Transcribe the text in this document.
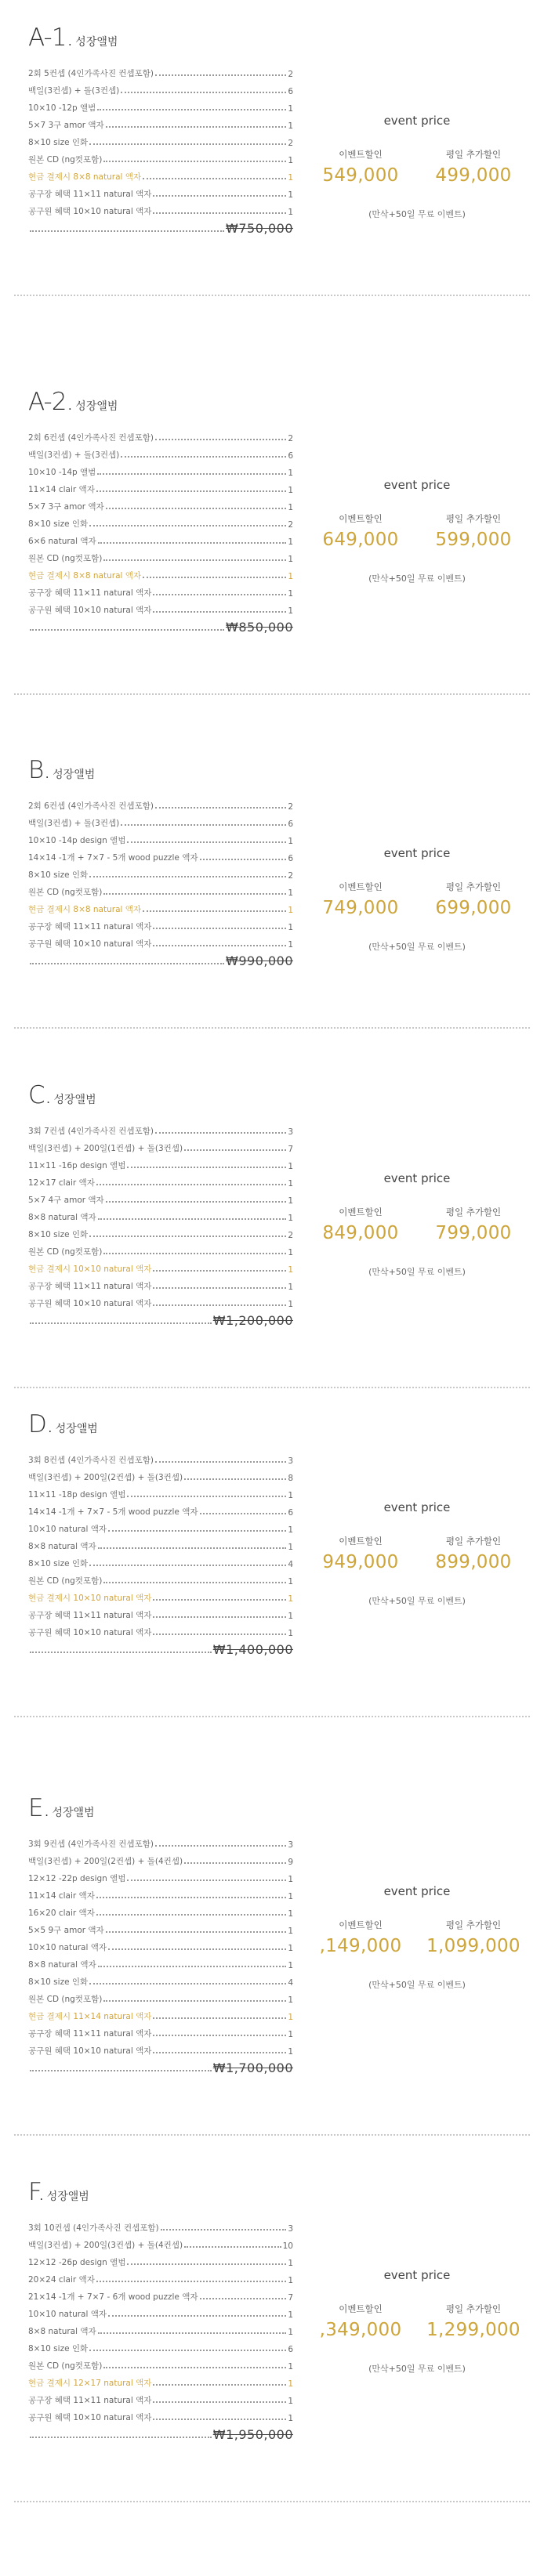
A-1. 성장앨범
2회 5컨셉 (4인가족사진 컨셉포함)	2
백일(3컨셉) + 돌(3컨셉)	6
10×10 -12p 앨범	1
5×7 3구 amor 액자	1
8×10 size 인화	2
원본 CD (ng컷포함)	1
현금 결제시 8×8 natural 액자	1
공구장 혜택 11×11 natural 액자	1
공구원 혜택 10×10 natural 액자	1
₩750,000
event price
이벤트할인
549,000
평일 추가할인
499,000
(만삭+50일 무료 이벤트)
A-2. 성장앨범
2회 6컨셉 (4인가족사진 컨셉포함)	2
백일(3컨셉) + 돌(3컨셉)	6
10×10 -14p 앨범	1
11×14 clair 액자	1
5×7 3구 amor 액자	1
8×10 size 인화	2
6×6 natural 액자	1
원본 CD (ng컷포함)	1
현금 결제시 8×8 natural 액자	1
공구장 혜택 11×11 natural 액자	1
공구원 혜택 10×10 natural 액자	1
₩850,000
event price
이벤트할인
649,000
평일 추가할인
599,000
(만삭+50일 무료 이벤트)
B. 성장앨범
2회 6컨셉 (4인가족사진 컨셉포함)	2
백일(3컨셉) + 돌(3컨셉)	6
10×10 -14p design 앨범	1
14×14 -1개 + 7×7 - 5개 wood puzzle 액자	6
8×10 size 인화	2
원본 CD (ng컷포함)	1
현금 결제시 8×8 natural 액자	1
공구장 혜택 11×11 natural 액자	1
공구원 혜택 10×10 natural 액자	1
₩990,000
event price
이벤트할인
749,000
평일 추가할인
699,000
(만삭+50일 무료 이벤트)
C. 성장앨범
3회 7컨셉 (4인가족사진 컨셉포함)	3
백일(3컨셉) + 200일(1컨셉) + 돌(3컨셉)	7
11×11 -16p design 앨범	1
12×17 clair 액자	1
5×7 4구 amor 액자	1
8×8 natural 액자	1
8×10 size 인화	2
원본 CD (ng컷포함)	1
현금 결제시 10×10 natural 액자	1
공구장 혜택 11×11 natural 액자	1
공구원 혜택 10×10 natural 액자	1
₩1,200,000
event price
이벤트할인
849,000
평일 추가할인
799,000
(만삭+50일 무료 이벤트)
D. 성장앨범
3회 8컨셉 (4인가족사진 컨셉포함)	3
백일(3컨셉) + 200일(2컨셉) + 돌(3컨셉)	8
11×11 -18p design 앨범	1
14×14 -1개 + 7×7 - 5개 wood puzzle 액자	6
10×10 natural 액자	1
8×8 natural 액자	1
8×10 size 인화	4
원본 CD (ng컷포함)	1
현금 결제시 10×10 natural 액자	1
공구장 혜택 11×11 natural 액자	1
공구원 혜택 10×10 natural 액자	1
₩1,400,000
event price
이벤트할인
949,000
평일 추가할인
899,000
(만삭+50일 무료 이벤트)
E. 성장앨범
3회 9컨셉 (4인가족사진 컨셉포함)	3
백일(3컨셉) + 200일(2컨셉) + 돌(4컨셉)	9
12×12 -22p design 앨범	1
11×14 clair 액자	1
16×20 clair 액자	1
5×5 9구 amor 액자	1
10×10 natural 액자	1
8×8 natural 액자	1
8×10 size 인화	4
원본 CD (ng컷포함)	1
현금 결제시 11×14 natural 액자	1
공구장 혜택 11×11 natural 액자	1
공구원 혜택 10×10 natural 액자	1
₩1,700,000
event price
이벤트할인
,149,000
평일 추가할인
1,099,000
(만삭+50일 무료 이벤트)
F. 성장앨범
3회 10컨셉 (4인가족사진 컨셉포함)	3
백일(3컨셉) + 200일(3컨셉) + 돌(4컨셉)	10
12×12 -26p design 앨범	1
20×24 clair 액자	1
21×14 -1개 + 7×7 - 6개 wood puzzle 액자	7
10×10 natural 액자	1
8×8 natural 액자	1
8×10 size 인화	6
원본 CD (ng컷포함)	1
현금 결제시 12×17 natural 액자	1
공구장 혜택 11×11 natural 액자	1
공구원 혜택 10×10 natural 액자	1
₩1,950,000
event price
이벤트할인
,349,000
평일 추가할인
1,299,000
(만삭+50일 무료 이벤트)
